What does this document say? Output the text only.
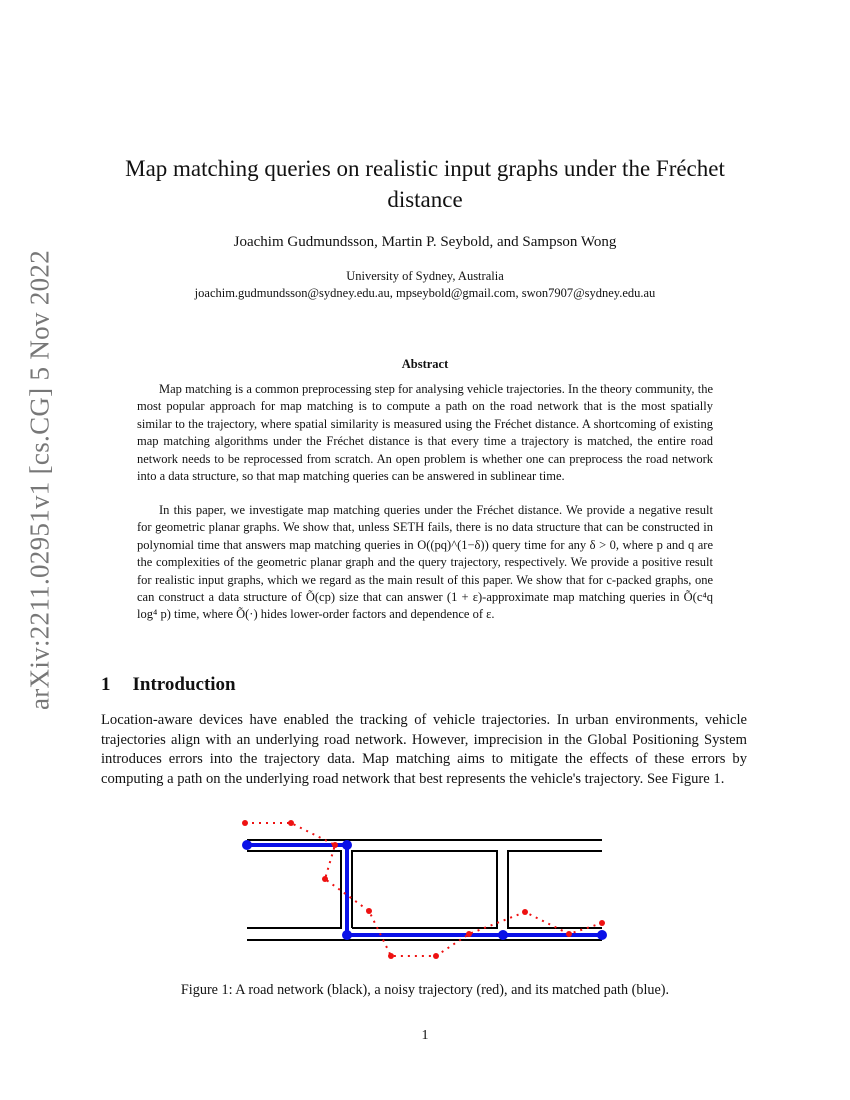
arXiv:2211.02951v1 [cs.CG] 5 Nov 2022
Map matching queries on realistic input graphs under the Fréchet distance
Joachim Gudmundsson, Martin P. Seybold, and Sampson Wong
University of Sydney, Australia
joachim.gudmundsson@sydney.edu.au, mpseybold@gmail.com, swon7907@sydney.edu.au
Abstract

Map matching is a common preprocessing step for analysing vehicle trajectories. In the theory community, the most popular approach for map matching is to compute a path on the road network that is the most spatially similar to the trajectory, where spatial similarity is measured using the Fréchet distance. A shortcoming of existing map matching algorithms under the Fréchet distance is that every time a trajectory is matched, the entire road network needs to be reprocessed from scratch. An open problem is whether one can preprocess the road network into a data structure, so that map matching queries can be answered in sublinear time.

In this paper, we investigate map matching queries under the Fréchet distance. We provide a negative result for geometric planar graphs. We show that, unless SETH fails, there is no data structure that can be constructed in polynomial time that answers map matching queries in O((pq)^(1−δ)) query time for any δ > 0, where p and q are the complexities of the geometric planar graph and the query trajectory, respectively. We provide a positive result for realistic input graphs, which we regard as the main result of this paper. We show that for c-packed graphs, one can construct a data structure of Õ(cp) size that can answer (1 + ε)-approximate map matching queries in Õ(c⁴q log⁴ p) time, where Õ(·) hides lower-order factors and dependence of ε.

1 Introduction
Location-aware devices have enabled the tracking of vehicle trajectories. In urban environments, vehicle trajectories align with an underlying road network. However, imprecision in the Global Positioning System introduces errors into the trajectory data. Map matching aims to mitigate the effects of these errors by computing a path on the underlying road network that best represents the vehicle's trajectory. See Figure 1.
Figure 1: A road network (black), a noisy trajectory (red), and its matched path (blue).
1
